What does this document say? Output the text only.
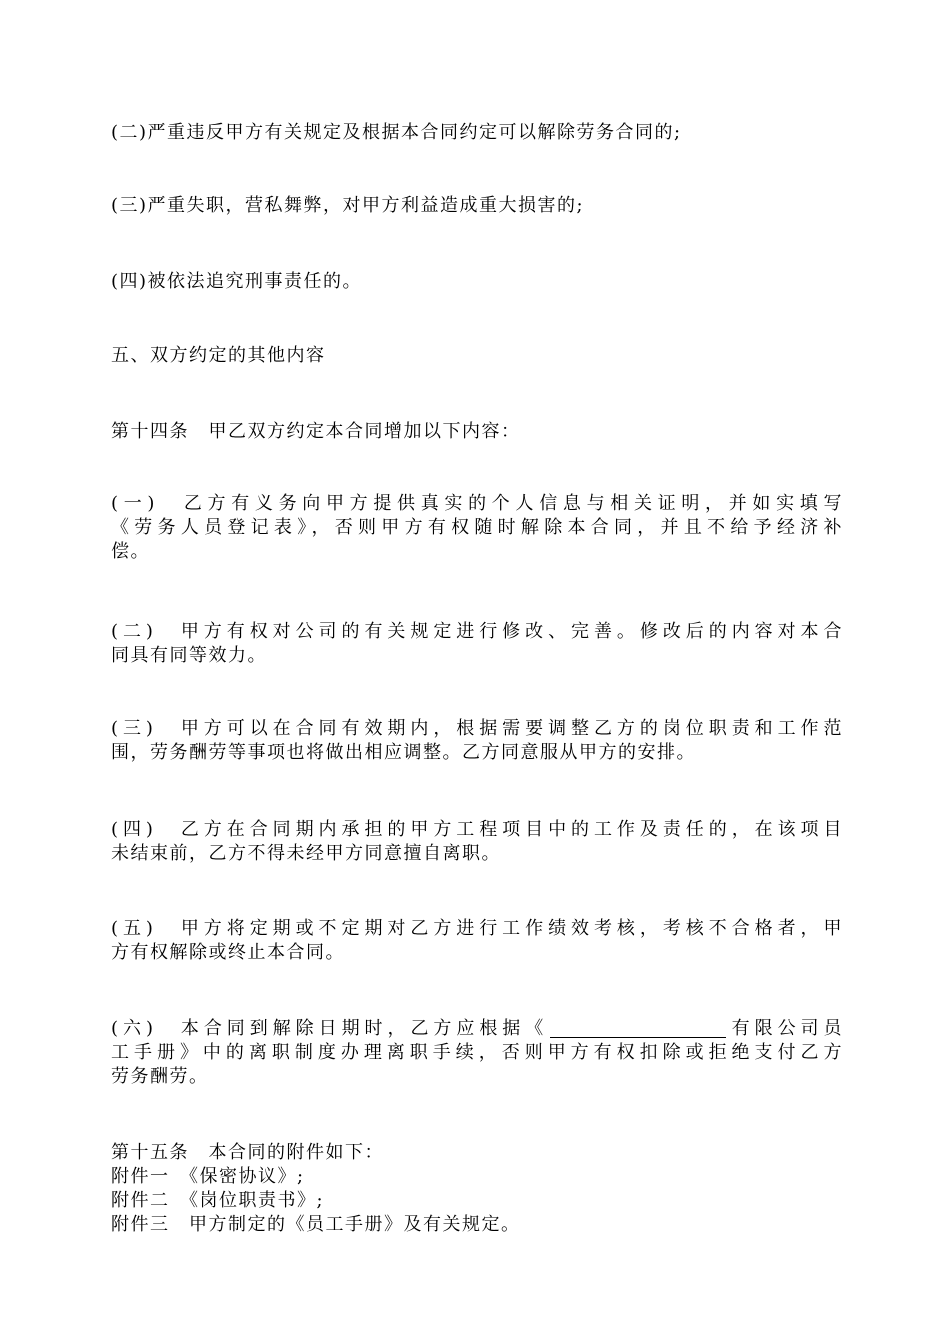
(二)严重违反甲方有关规定及根据本合同约定可以解除劳务合同的;

(三)严重失职，营私舞弊，对甲方利益造成重大损害的;

(四)被依法追究刑事责任的。

五、双方约定的其他内容

第十四条　甲乙双方约定本合同增加以下内容：

(一)　乙方有义务向甲方提供真实的个人信息与相关证明，并如实填写
《劳务人员登记表》，否则甲方有权随时解除本合同，并且不给予经济补
偿。

(二)　甲方有权对公司的有关规定进行修改、完善。修改后的内容对本合
同具有同等效力。

(三)　甲方可以在合同有效期内，根据需要调整乙方的岗位职责和工作范
围，劳务酬劳等事项也将做出相应调整。乙方同意服从甲方的安排。

(四)　乙方在合同期内承担的甲方工程项目中的工作及责任的，在该项目
未结束前，乙方不得未经甲方同意擅自离职。

(五)　甲方将定期或不定期对乙方进行工作绩效考核，考核不合格者，甲
方有权解除或终止本合同。

(六)　本合同到解除日期时，乙方应根据《	有限公司员
工手册》中的离职制度办理离职手续，否则甲方有权扣除或拒绝支付乙方
劳务酬劳。

第十五条　本合同的附件如下：
附件一　《保密协议》;
附件二　《岗位职责书》;
附件三　甲方制定的《员工手册》及有关规定。
